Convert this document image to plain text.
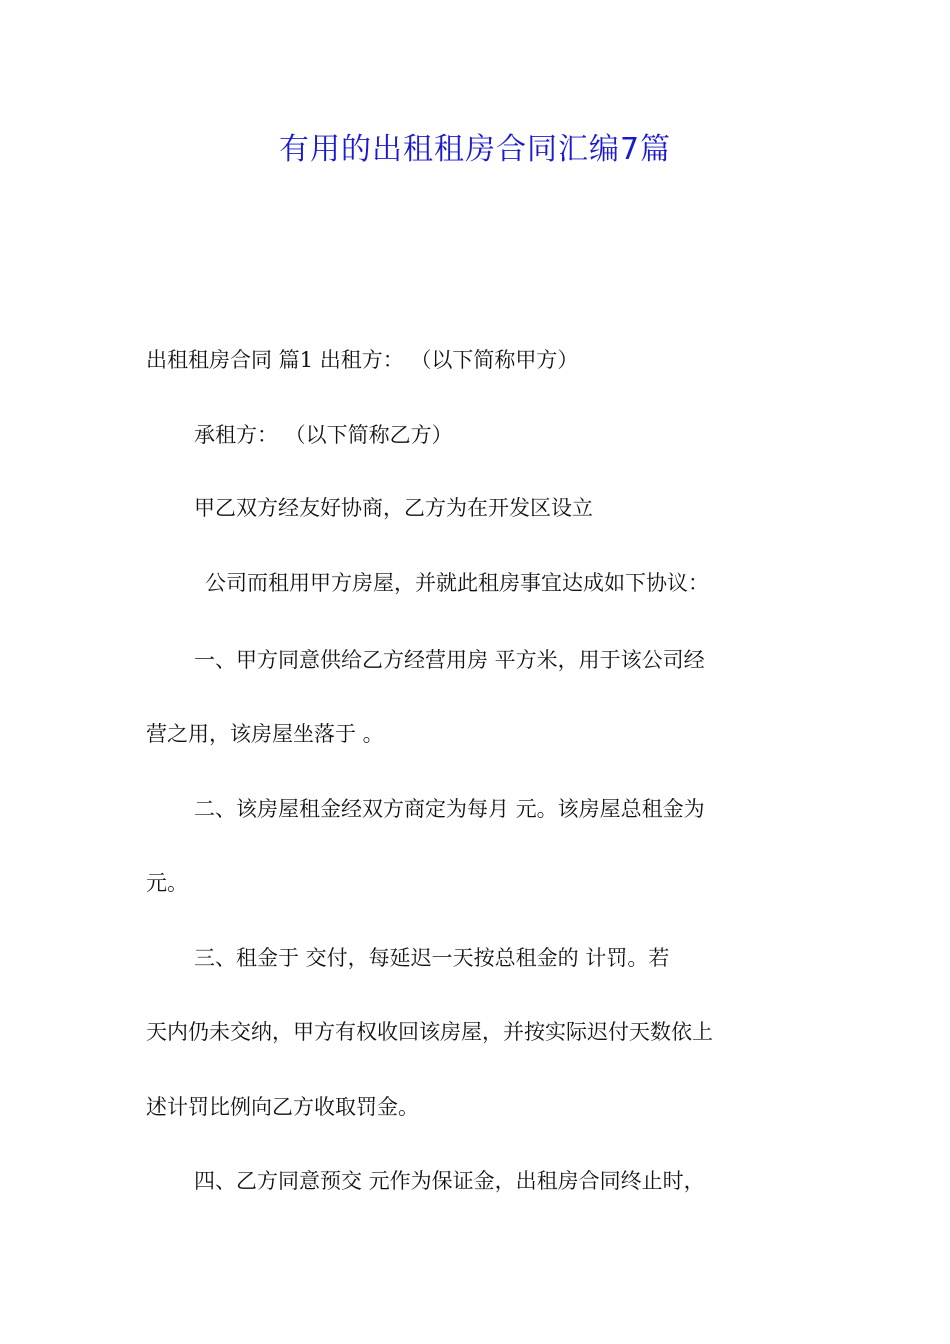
有用的出租租房合同汇编7篇
出租租房合同 篇1 出租方： （以下简称甲方）
承租方： （以下简称乙方）
甲乙双方经友好协商，乙方为在开发区设立
公司而租用甲方房屋，并就此租房事宜达成如下协议：
一、甲方同意供给乙方经营用房 平方米，用于该公司经
营之用，该房屋坐落于 。
二、该房屋租金经双方商定为每月 元。该房屋总租金为
元。
三、租金于 交付，每延迟一天按总租金的 计罚。若
天内仍未交纳，甲方有权收回该房屋，并按实际迟付天数依上
述计罚比例向乙方收取罚金。
四、乙方同意预交 元作为保证金，出租房合同终止时，
